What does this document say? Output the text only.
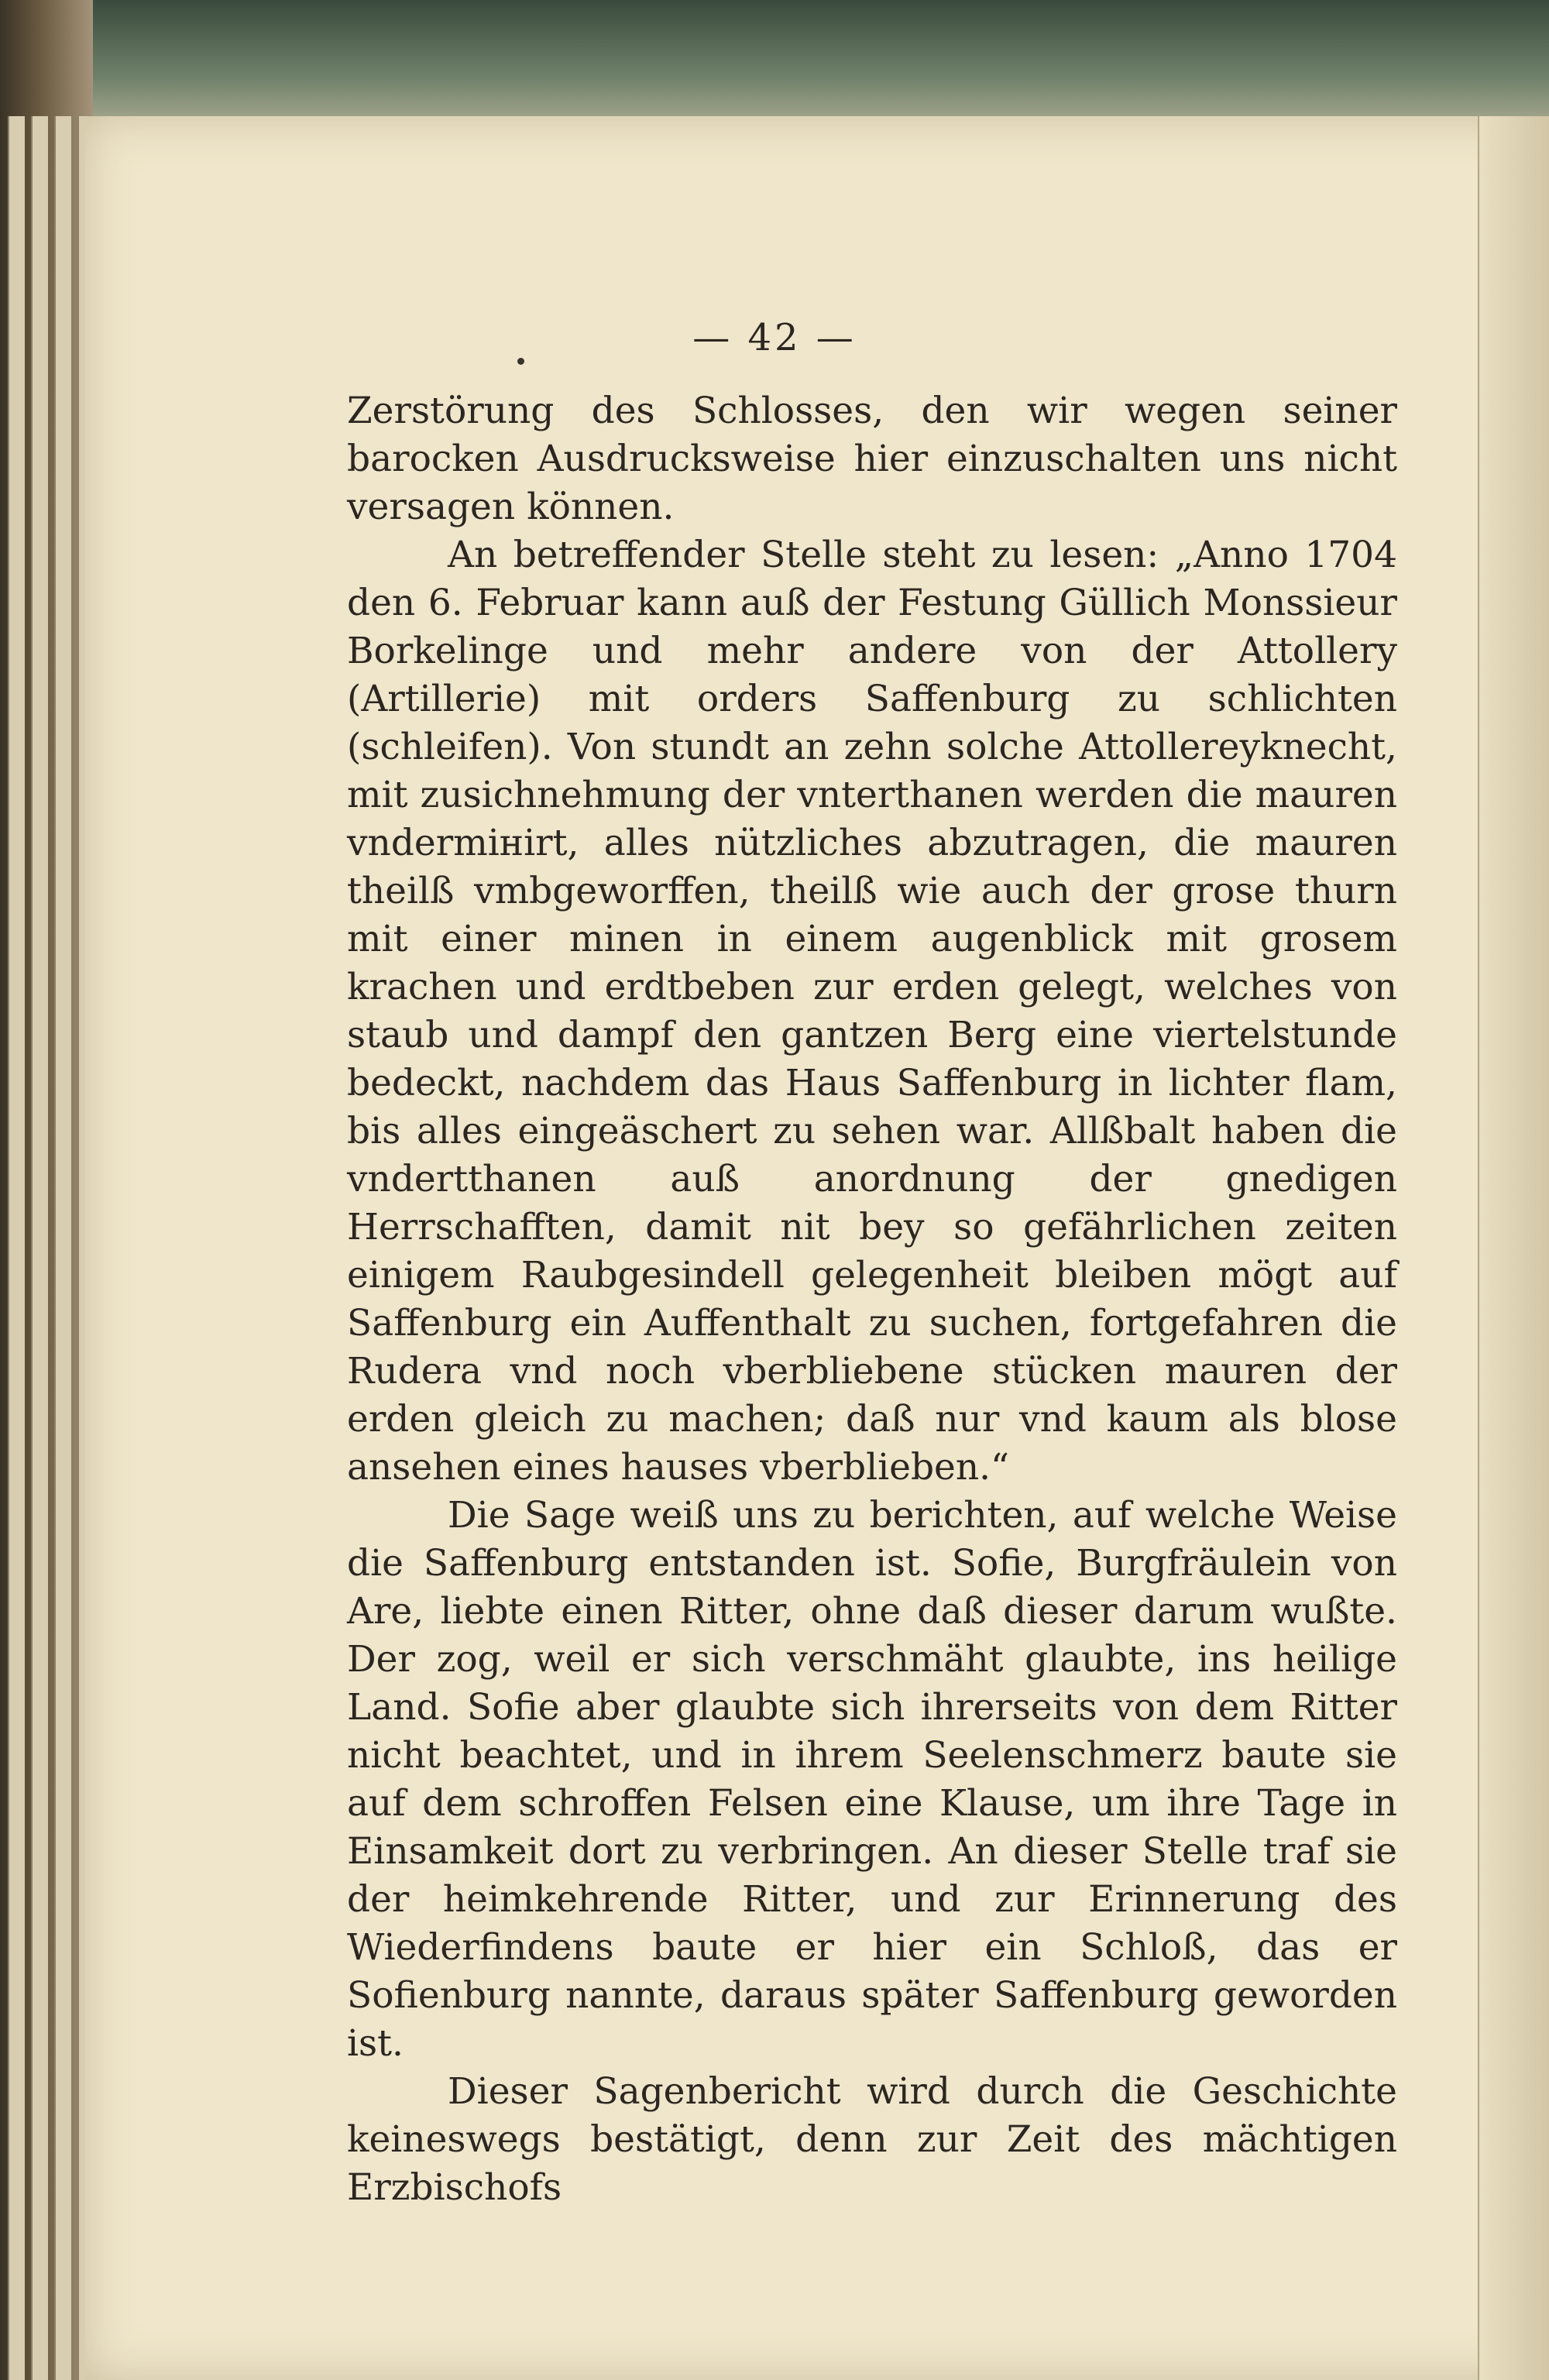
— 42 —

Zerstörung des Schlosses, den wir wegen seiner barocken Ausdrucksweise hier einzuschalten uns nicht versagen können.

An betreffender Stelle steht zu lesen: „Anno 1704 den 6. Februar kann auß der Festung Güllich Monssieur Borkelinge und mehr andere von der Attollery (Artillerie) mit orders Saffenburg zu schlichten (schleifen). Von stundt an zehn solche Attollereyknecht, mit zusichnehmung der vnterthanen werden die mauren vndermінirt, alles nützliches abzutragen, die mauren theilß vmbgeworffen, theilß wie auch der grose thurn mit einer minen in einem augenblick mit grosem krachen und erdtbeben zur erden gelegt, welches von staub und dampf den gantzen Berg eine viertelstunde bedeckt, nachdem das Haus Saffenburg in lichter flam, bis alles eingeäschert zu sehen war. Allßbalt haben die vndertthanen auß anordnung der gnedigen Herrschafften, damit nit bey so gefährlichen zeiten einigem Raubgesindell gelegenheit bleiben mögt auf Saffenburg ein Auffenthalt zu suchen, fortgefahren die Rudera vnd noch vberbliebene stücken mauren der erden gleich zu machen; daß nur vnd kaum als blose ansehen eines hauses vberblieben.“

Die Sage weiß uns zu berichten, auf welche Weise die Saffenburg entstanden ist. Sofie, Burgfräulein von Are, liebte einen Ritter, ohne daß dieser darum wußte. Der zog, weil er sich verschmäht glaubte, ins heilige Land. Sofie aber glaubte sich ihrerseits von dem Ritter nicht beachtet, und in ihrem Seelenschmerz baute sie auf dem schroffen Felsen eine Klause, um ihre Tage in Einsamkeit dort zu verbringen. An dieser Stelle traf sie der heimkehrende Ritter, und zur Erinnerung des Wiederfindens baute er hier ein Schloß, das er Sofienburg nannte, daraus später Saffenburg geworden ist.

Dieser Sagenbericht wird durch die Geschichte keineswegs bestätigt, denn zur Zeit des mächtigen Erzbischofs
